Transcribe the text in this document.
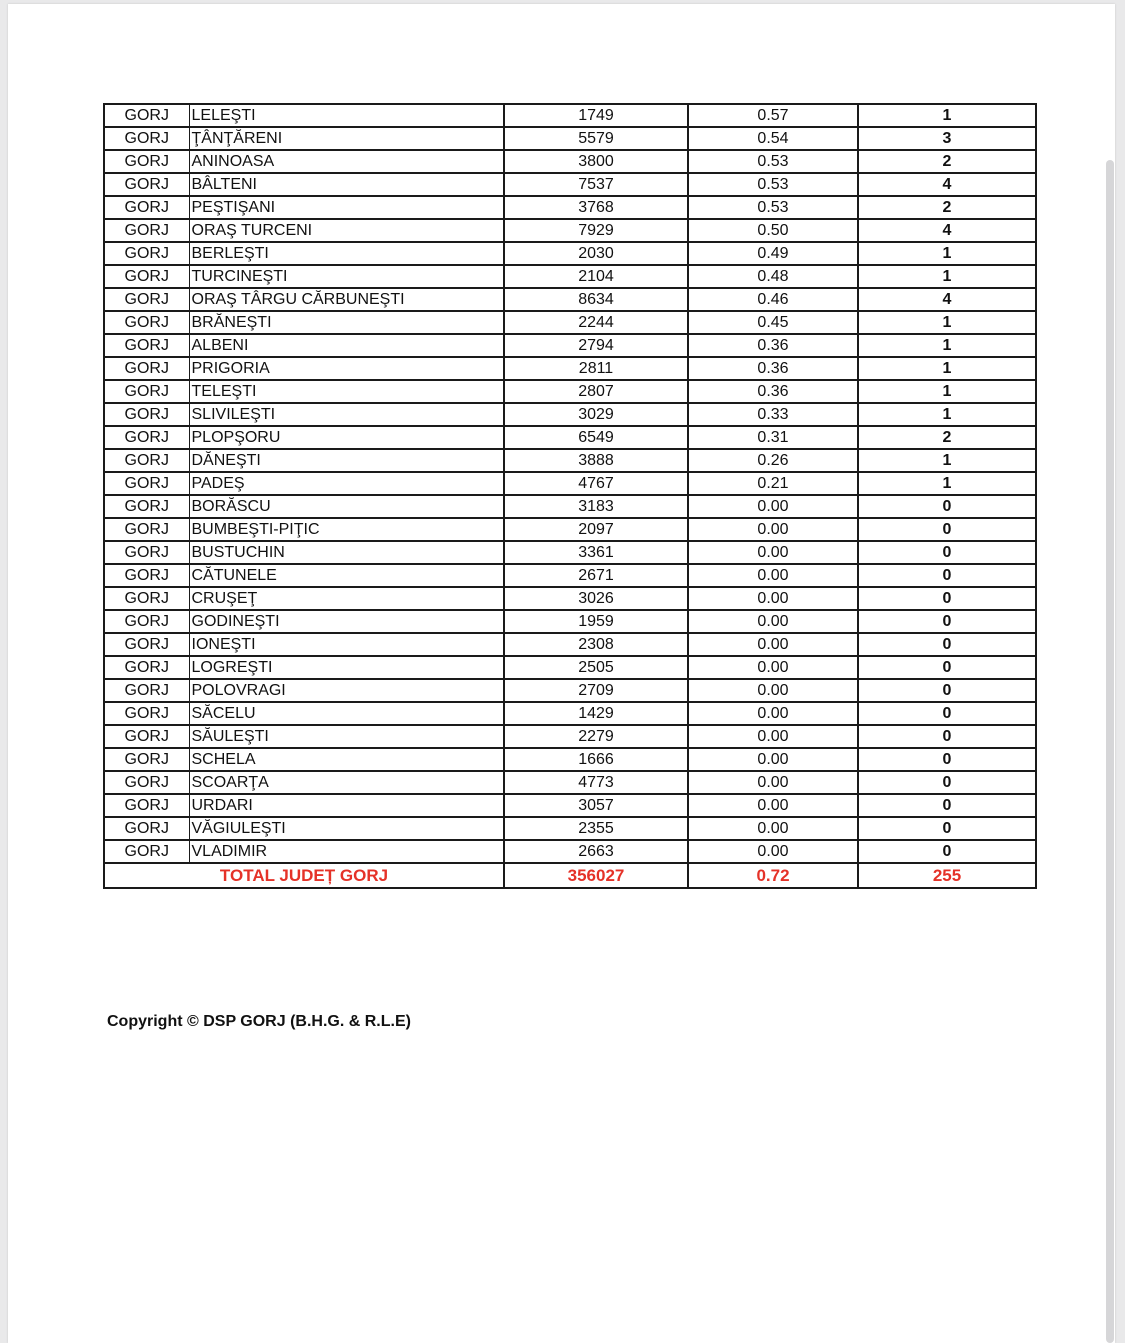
GORJ	LELEŞTI	1749	0.57	1
GORJ	ŢÂNŢĂRENI	5579	0.54	3
GORJ	ANINOASA	3800	0.53	2
GORJ	BÂLTENI	7537	0.53	4
GORJ	PEŞTIŞANI	3768	0.53	2
GORJ	ORAŞ TURCENI	7929	0.50	4
GORJ	BERLEŞTI	2030	0.49	1
GORJ	TURCINEŞTI	2104	0.48	1
GORJ	ORAŞ TÂRGU CĂRBUNEŞTI	8634	0.46	4
GORJ	BRĂNEŞTI	2244	0.45	1
GORJ	ALBENI	2794	0.36	1
GORJ	PRIGORIA	2811	0.36	1
GORJ	TELEŞTI	2807	0.36	1
GORJ	SLIVILEŞTI	3029	0.33	1
GORJ	PLOPŞORU	6549	0.31	2
GORJ	DĂNEŞTI	3888	0.26	1
GORJ	PADEŞ	4767	0.21	1
GORJ	BORĂSCU	3183	0.00	0
GORJ	BUMBEŞTI-PIŢIC	2097	0.00	0
GORJ	BUSTUCHIN	3361	0.00	0
GORJ	CĂTUNELE	2671	0.00	0
GORJ	CRUŞEŢ	3026	0.00	0
GORJ	GODINEŞTI	1959	0.00	0
GORJ	IONEŞTI	2308	0.00	0
GORJ	LOGREŞTI	2505	0.00	0
GORJ	POLOVRAGI	2709	0.00	0
GORJ	SĂCELU	1429	0.00	0
GORJ	SĂULEŞTI	2279	0.00	0
GORJ	SCHELA	1666	0.00	0
GORJ	SCOARŢA	4773	0.00	0
GORJ	URDARI	3057	0.00	0
GORJ	VĂGIULEŞTI	2355	0.00	0
GORJ	VLADIMIR	2663	0.00	0
TOTAL JUDEȚ GORJ		356027	0.72	255
Copyright © DSP GORJ (B.H.G. & R.L.E)
